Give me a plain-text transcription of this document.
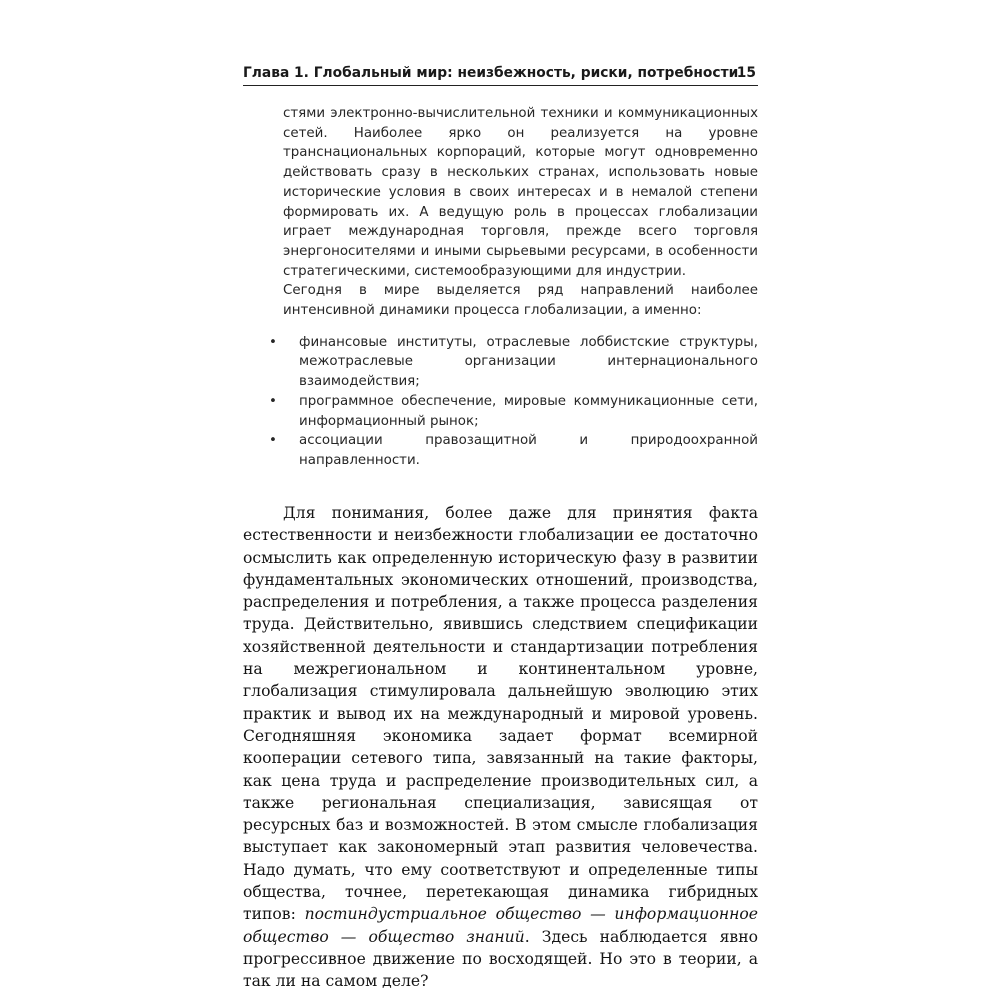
Глава 1. Глобальный мир: неизбежность, риски, потребности
15

стями электронно-вычислительной техники и коммуникационных сетей. Наиболее ярко он реализуется на уровне транснациональных корпораций, которые могут одновременно действовать сразу в нескольких странах, использовать новые исторические условия в своих интересах и в немалой степени формировать их. А ведущую роль в процессах глобализации играет международная торговля, прежде всего торговля энергоносителями и иными сырьевыми ресурсами, в особенности стратегическими, системообразующими для индустрии.

Сегодня в мире выделяется ряд направлений наиболее интенсивной динамики процесса глобализации, а именно:

•	финансовые институты, отраслевые лоббистские структуры, межотраслевые организации интернационального взаимодействия;
•	программное обеспечение, мировые коммуникационные сети, информационный рынок;
•	ассоциации правозащитной и природоохранной направленности.

Для понимания, более даже для принятия факта естественности и неизбежности глобализации ее достаточно осмыслить как определенную историческую фазу в развитии фундаментальных экономических отношений, производства, распределения и потребления, а также процесса разделения труда. Действительно, явившись следствием спецификации хозяйственной деятельности и стандартизации потребления на межрегиональном и континентальном уровне, глобализация стимулировала дальнейшую эволюцию этих практик и вывод их на международный и мировой уровень. Сегодняшняя экономика задает формат всемирной кооперации сетевого типа, завязанный на такие факторы, как цена труда и распределение производительных сил, а также региональная специализация, зависящая от ресурсных баз и возможностей. В этом смысле глобализация выступает как закономерный этап развития человечества. Надо думать, что ему соответствуют и определенные типы общества, точнее, перетекающая динамика гибридных типов: постиндустриальное общество — информационное общество — общество знаний. Здесь наблюдается явно прогрессивное движение по восходящей. Но это в теории, а так ли на самом деле?
